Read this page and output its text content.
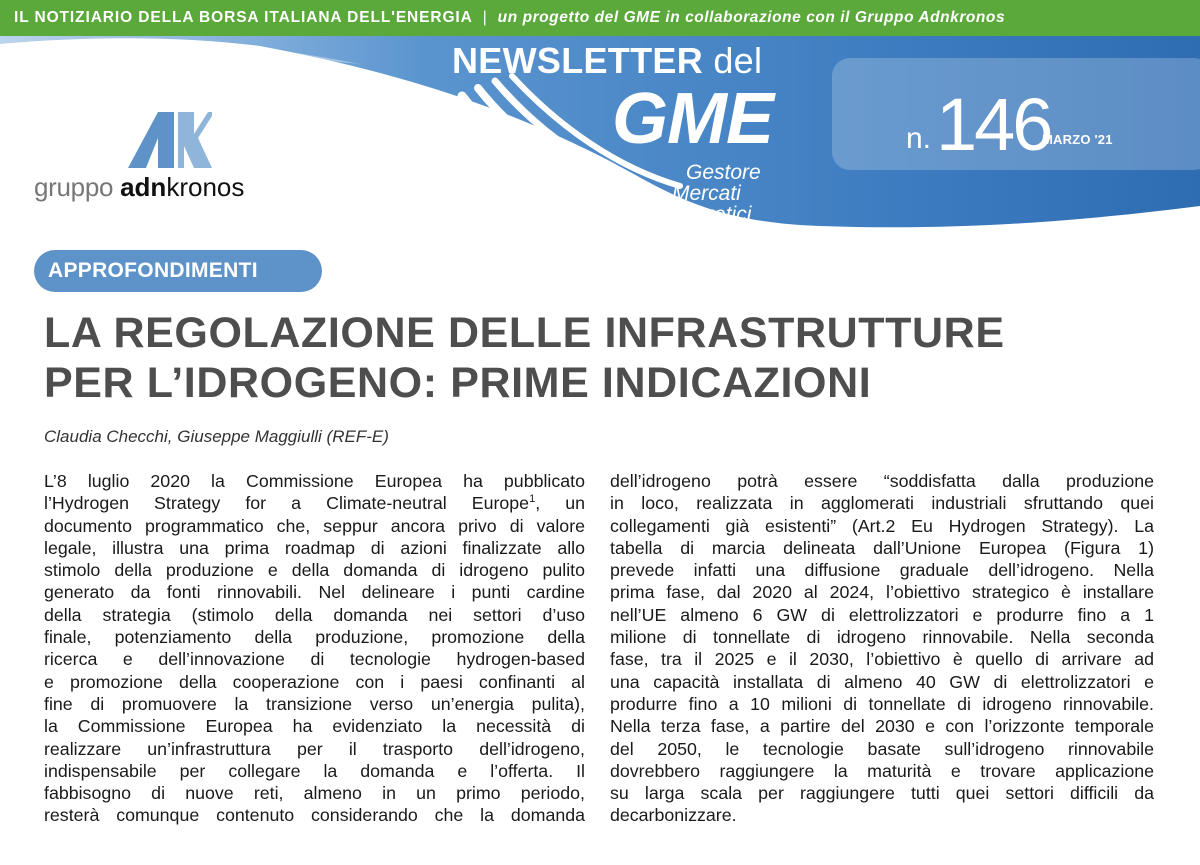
IL NOTIZIARIO DELLA BORSA ITALIANA DELL'ENERGIA | un progetto del GME in collaborazione con il Gruppo Adnkronos
gruppo adnkronos
NEWSLETTER del
GME
Gestore
Mercati
Energetici
n. 146
MARZO '21
APPROFONDIMENTI
LA REGOLAZIONE DELLE INFRASTRUTTURE
PER L’IDROGENO: PRIME INDICAZIONI
Claudia Checchi, Giuseppe Maggiulli (REF-E)
L’8 luglio 2020 la Commissione Europea ha pubblicato
l’Hydrogen Strategy for a Climate-neutral Europe$^1$, un
documento programmatico che, seppur ancora privo di valore
legale, illustra una prima roadmap di azioni finalizzate allo
stimolo della produzione e della domanda di idrogeno pulito
generato da fonti rinnovabili. Nel delineare i punti cardine
della strategia (stimolo della domanda nei settori d’uso
finale, potenziamento della produzione, promozione della
ricerca e dell’innovazione di tecnologie hydrogen-based
e promozione della cooperazione con i paesi confinanti al
fine di promuovere la transizione verso un’energia pulita),
la Commissione Europea ha evidenziato la necessità di
realizzare un’infrastruttura per il trasporto dell’idrogeno,
indispensabile per collegare la domanda e l’offerta. Il
fabbisogno di nuove reti, almeno in un primo periodo,
resterà comunque contenuto considerando che la domanda
dell’idrogeno potrà essere “soddisfatta dalla produzione
in loco, realizzata in agglomerati industriali sfruttando quei
collegamenti già esistenti” (Art.2 Eu Hydrogen Strategy). La
tabella di marcia delineata dall’Unione Europea (Figura 1)
prevede infatti una diffusione graduale dell’idrogeno. Nella
prima fase, dal 2020 al 2024, l’obiettivo strategico è installare
nell’UE almeno 6 GW di elettrolizzatori e produrre fino a 1
milione di tonnellate di idrogeno rinnovabile. Nella seconda
fase, tra il 2025 e il 2030, l’obiettivo è quello di arrivare ad
una capacità installata di almeno 40 GW di elettrolizzatori e
produrre fino a 10 milioni di tonnellate di idrogeno rinnovabile.
Nella terza fase, a partire del 2030 e con l’orizzonte temporale
del 2050, le tecnologie basate sull’idrogeno rinnovabile
dovrebbero raggiungere la maturità e trovare applicazione
su larga scala per raggiungere tutti quei settori difficili da
decarbonizzare.
